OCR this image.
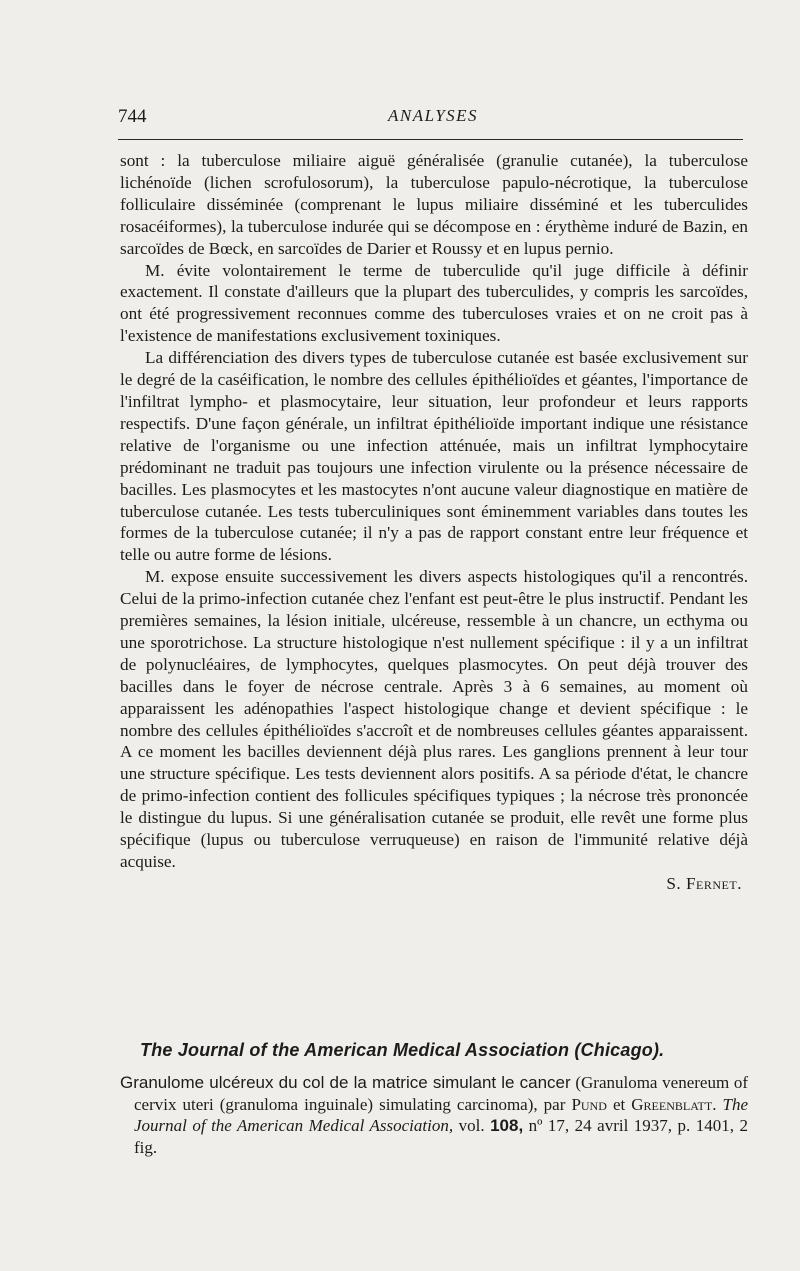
744	ANALYSES

sont : la tuberculose miliaire aiguë généralisée (granulie cutanée), la tuberculose lichénoïde (lichen scrofulosorum), la tuberculose papulo-nécrotique, la tuberculose folliculaire disséminée (comprenant le lupus miliaire disséminé et les tuberculides rosacéiformes), la tuberculose indurée qui se décompose en : érythème induré de Bazin, en sarcoïdes de Bœck, en sarcoïdes de Darier et Roussy et en lupus pernio.

M. évite volontairement le terme de tuberculide qu'il juge difficile à définir exactement. Il constate d'ailleurs que la plupart des tuberculides, y compris les sarcoïdes, ont été progressivement reconnues comme des tuberculoses vraies et on ne croit pas à l'existence de manifestations exclusivement toxiniques.

La différenciation des divers types de tuberculose cutanée est basée exclusivement sur le degré de la caséification, le nombre des cellules épithélioïdes et géantes, l'importance de l'infiltrat lympho- et plasmocytaire, leur situation, leur profondeur et leurs rapports respectifs. D'une façon générale, un infiltrat épithélioïde important indique une résistance relative de l'organisme ou une infection atténuée, mais un infiltrat lymphocytaire prédominant ne traduit pas toujours une infection virulente ou la présence nécessaire de bacilles. Les plasmocytes et les mastocytes n'ont aucune valeur diagnostique en matière de tuberculose cutanée. Les tests tuberculiniques sont éminemment variables dans toutes les formes de la tuberculose cutanée; il n'y a pas de rapport constant entre leur fréquence et telle ou autre forme de lésions.

M. expose ensuite successivement les divers aspects histologiques qu'il a rencontrés. Celui de la primo-infection cutanée chez l'enfant est peut-être le plus instructif. Pendant les premières semaines, la lésion initiale, ulcéreuse, ressemble à un chancre, un ecthyma ou une sporotrichose. La structure histologique n'est nullement spécifique : il y a un infiltrat de polynucléaires, de lymphocytes, quelques plasmocytes. On peut déjà trouver des bacilles dans le foyer de nécrose centrale. Après 3 à 6 semaines, au moment où apparaissent les adénopathies l'aspect histologique change et devient spécifique : le nombre des cellules épithélioïdes s'accroît et de nombreuses cellules géantes apparaissent. A ce moment les bacilles deviennent déjà plus rares. Les ganglions prennent à leur tour une structure spécifique. Les tests deviennent alors positifs. A sa période d'état, le chancre de primo-infection contient des follicules spécifiques typiques ; la nécrose très prononcée le distingue du lupus. Si une généralisation cutanée se produit, elle revêt une forme plus spécifique (lupus ou tuberculose verruqueuse) en raison de l'immunité relative déjà acquise.

S. Fernet.
The Journal of the American Medical Association (Chicago).

Granulome ulcéreux du col de la matrice simulant le cancer (Granuloma venereum of cervix uteri (granuloma inguinale) simulating carcinoma), par Pund et Greenblatt. The Journal of the American Medical Association, vol. 108, nº 17, 24 avril 1937, p. 1401, 2 fig.
